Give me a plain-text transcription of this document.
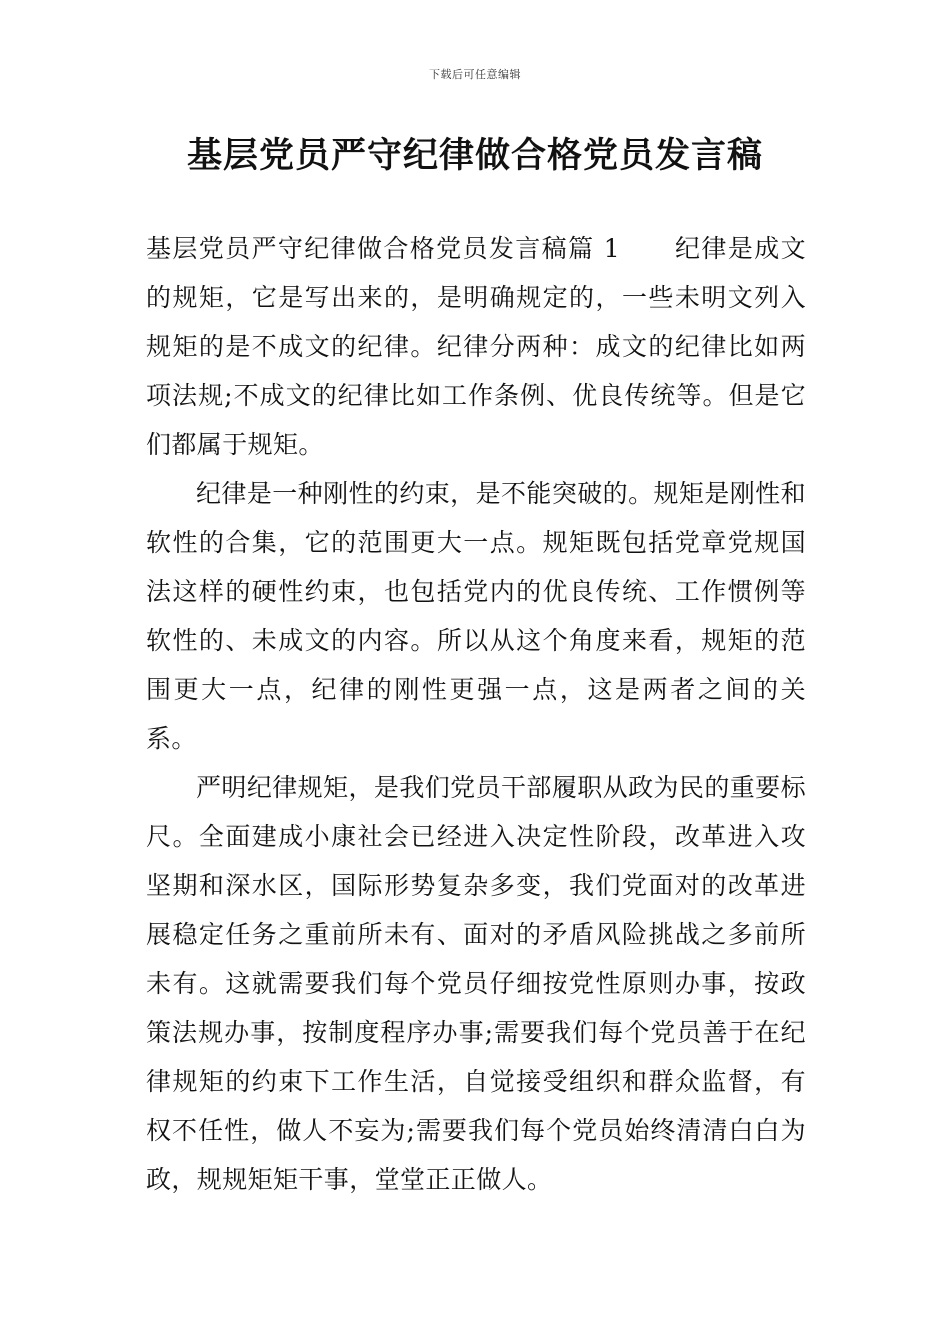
下载后可任意编辑
基层党员严守纪律做合格党员发言稿

基层党员严守纪律做合格党员发言稿篇 1 纪律是成文的规矩，它是写出来的，是明确规定的，一些未明文列入规矩的是不成文的纪律。纪律分两种：成文的纪律比如两项法规;不成文的纪律比如工作条例、优良传统等。但是它们都属于规矩。

纪律是一种刚性的约束，是不能突破的。规矩是刚性和软性的合集，它的范围更大一点。规矩既包括党章党规国法这样的硬性约束，也包括党内的优良传统、工作惯例等软性的、未成文的内容。所以从这个角度来看，规矩的范围更大一点，纪律的刚性更强一点，这是两者之间的关系。

严明纪律规矩，是我们党员干部履职从政为民的重要标尺。全面建成小康社会已经进入决定性阶段，改革进入攻坚期和深水区，国际形势复杂多变，我们党面对的改革进展稳定任务之重前所未有、面对的矛盾风险挑战之多前所未有。这就需要我们每个党员仔细按党性原则办事，按政策法规办事，按制度程序办事;需要我们每个党员善于在纪律规矩的约束下工作生活，自觉接受组织和群众监督，有权不任性，做人不妄为;需要我们每个党员始终清清白白为政，规规矩矩干事，堂堂正正做人。
